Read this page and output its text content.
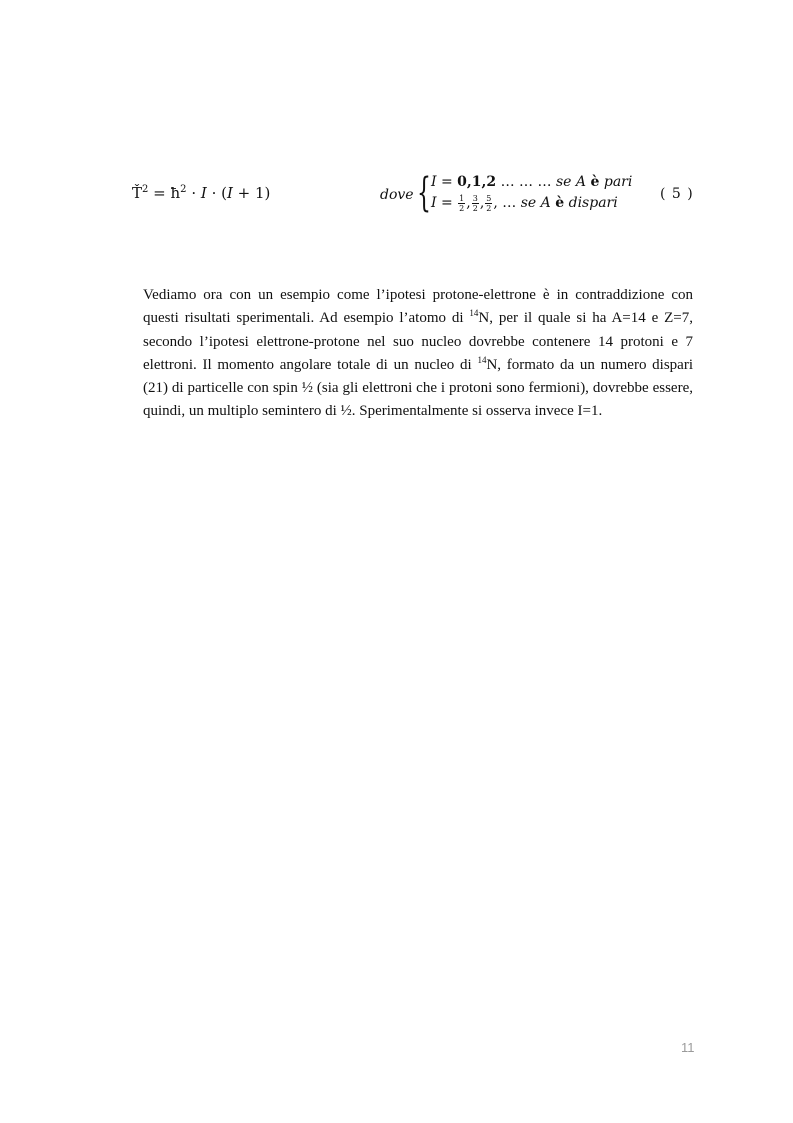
$Ť^2$ = $ħ^2 \cdot I \cdot (I + 1)$	dove { I = 0,1,2 … … … se A è pari
$I = \frac{1}{2}$ , $\frac{3}{2}$ , $\frac{5}{2}$ , … se A è dispari
( 5 )

Vediamo ora con un esempio come l’ipotesi protone-elettrone è in contraddizione con questi risultati sperimentali. Ad esempio l’atomo di $^{14}$N, per il quale si ha A=14 e Z=7, secondo l’ipotesi elettrone-protone nel suo nucleo dovrebbe contenere 14 protoni e 7 elettroni. Il momento angolare totale di un nucleo di $^{14}$N, formato da un numero dispari (21) di particelle con spin ½ (sia gli elettroni che i protoni sono fermioni), dovrebbe essere, quindi, un multiplo semintero di ½. Sperimentalmente si osserva invece I=1.

11
